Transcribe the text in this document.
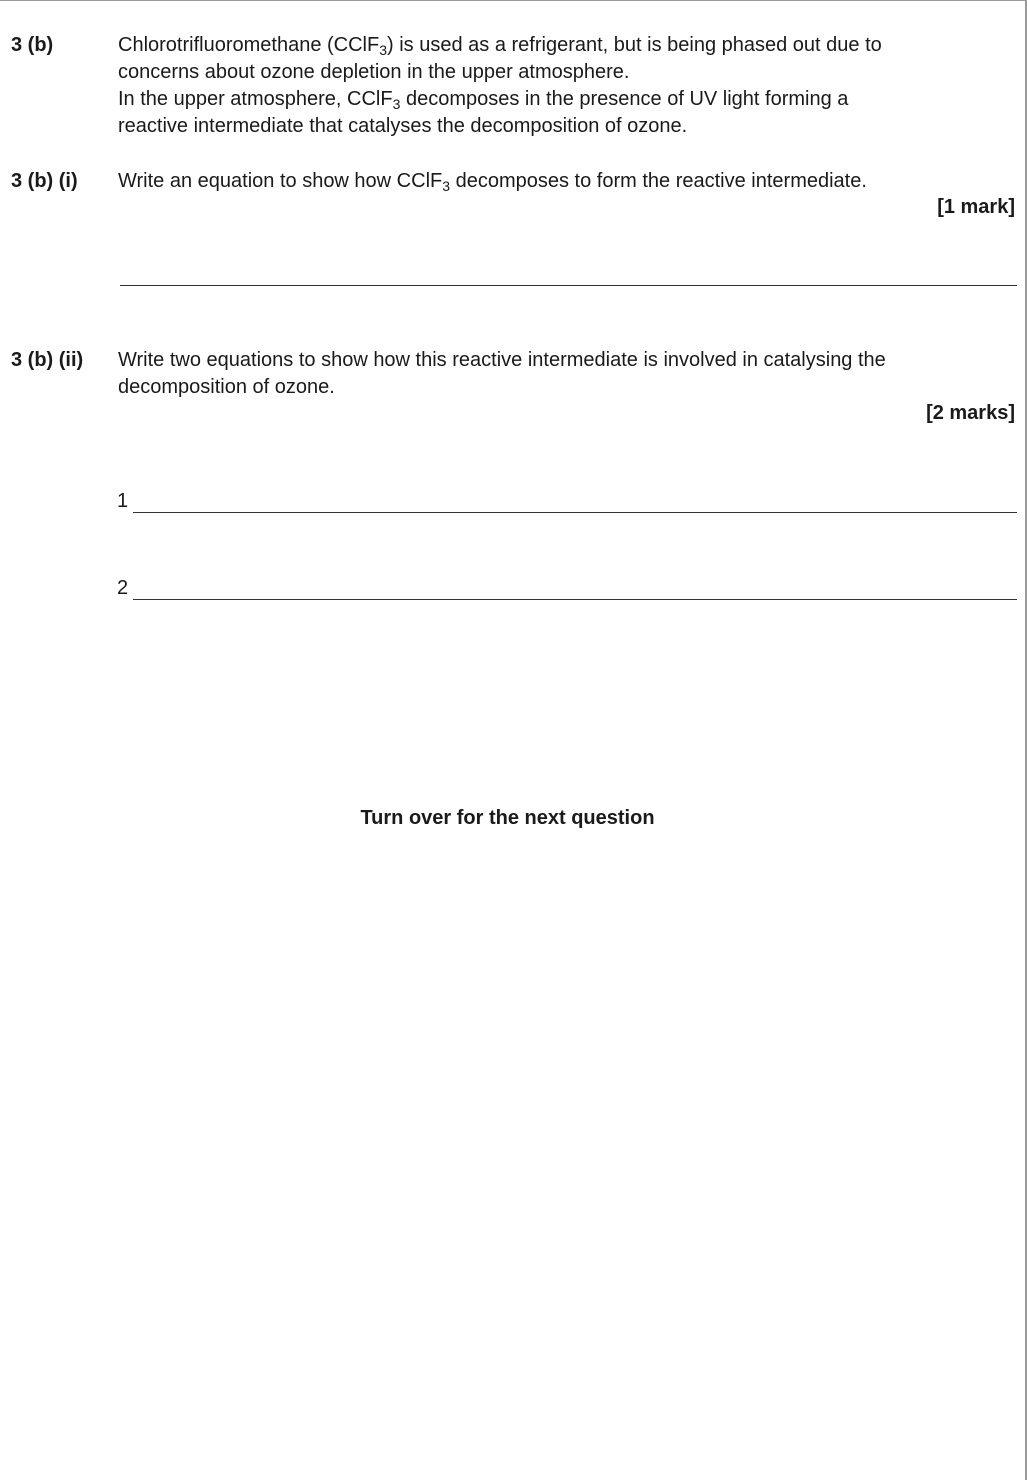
3 (b)	Chlorotrifluoromethane (CClF$_3$) is used as a refrigerant, but is being phased out due to
concerns about ozone depletion in the upper atmosphere.
In the upper atmosphere, CClF$_3$ decomposes in the presence of UV light forming a
reactive intermediate that catalyses the decomposition of ozone.
3 (b) (i) Write an equation to show how CClF$_3$ decomposes to form the reactive intermediate.
[1 mark]
3 (b) (ii) Write two equations to show how this reactive intermediate is involved in catalysing the
decomposition of ozone.
[2 marks]
1
2
Turn over for the next question
